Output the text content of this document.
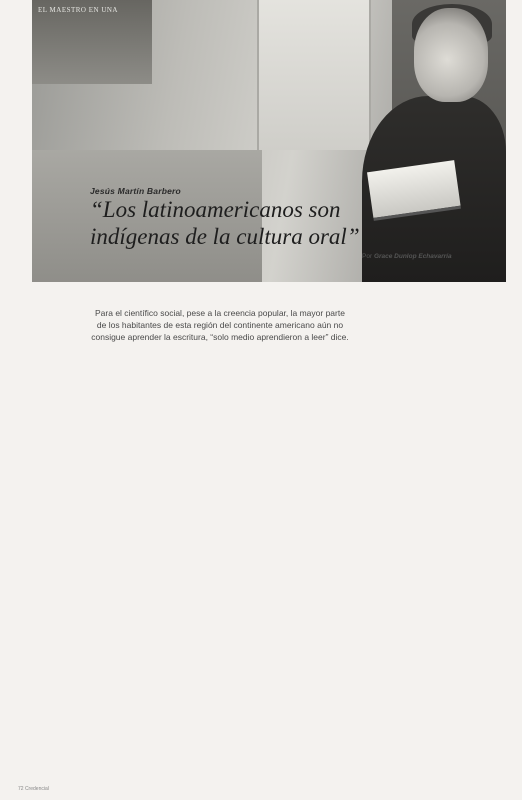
EL MAESTRO EN UNA
Jesús Martín Barbero
“Los latinoamericanos son
indígenas de la cultura oral”
Por Grace Dunlop Echavarría
Para el científico social, pese a la creencia popular, la mayor parte de los habitantes de esta región del continente americano aún no consigue aprender la escritura, “solo medio aprendieron a leer” dice.
72 Credencial
